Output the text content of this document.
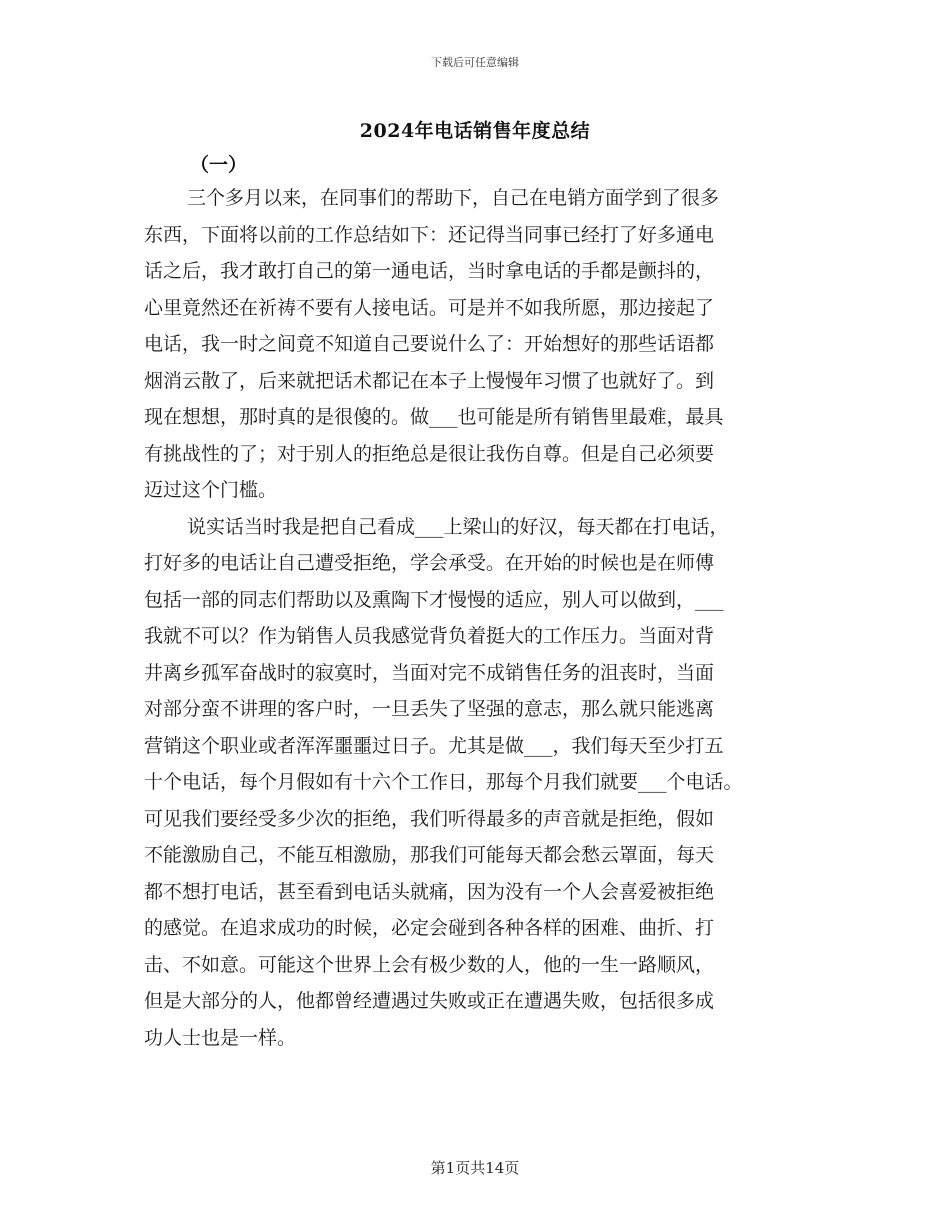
下载后可任意编辑
2024年电话销售年度总结
（一）
三个多月以来，在同事们的帮助下，自己在电销方面学到了很多
东西，下面将以前的工作总结如下：还记得当同事已经打了好多通电
话之后，我才敢打自己的第一通电话，当时拿电话的手都是颤抖的，
心里竟然还在祈祷不要有人接电话。可是并不如我所愿，那边接起了
电话，我一时之间竟不知道自己要说什么了：开始想好的那些话语都
烟消云散了，后来就把话术都记在本子上慢慢年习惯了也就好了。到
现在想想，那时真的是很傻的。做___也可能是所有销售里最难，最具
有挑战性的了；对于别人的拒绝总是很让我伤自尊。但是自己必须要
迈过这个门槛。
说实话当时我是把自己看成___上梁山的好汉，每天都在打电话，
打好多的电话让自己遭受拒绝，学会承受。在开始的时候也是在师傅
包括一部的同志们帮助以及熏陶下才慢慢的适应，别人可以做到，___
我就不可以？作为销售人员我感觉背负着挺大的工作压力。当面对背
井离乡孤军奋战时的寂寞时，当面对完不成销售任务的沮丧时，当面
对部分蛮不讲理的客户时，一旦丢失了坚强的意志，那么就只能逃离
营销这个职业或者浑浑噩噩过日子。尤其是做___，我们每天至少打五
十个电话，每个月假如有十六个工作日，那每个月我们就要___个电话。
可见我们要经受多少次的拒绝，我们听得最多的声音就是拒绝，假如
不能激励自己，不能互相激励，那我们可能每天都会愁云罩面，每天
都不想打电话，甚至看到电话头就痛，因为没有一个人会喜爱被拒绝
的感觉。在追求成功的时候，必定会碰到各种各样的困难、曲折、打
击、不如意。可能这个世界上会有极少数的人，他的一生一路顺风，
但是大部分的人，他都曾经遭遇过失败或正在遭遇失败，包括很多成
功人士也是一样。
第1页共14页
